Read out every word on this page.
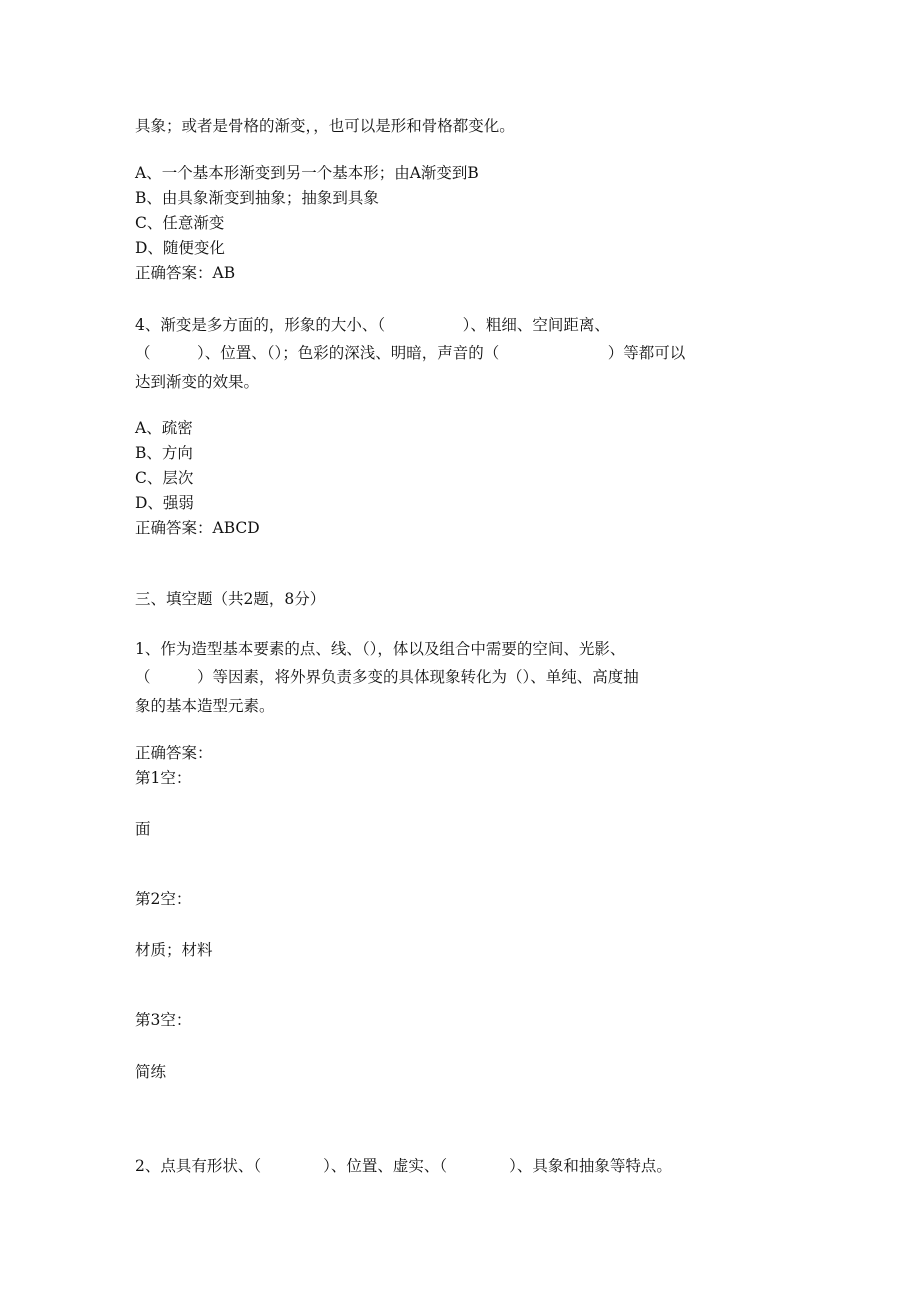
具象；或者是骨格的渐变，，也可以是形和骨格都变化。

A、一个基本形渐变到另一个基本形；由A渐变到B

B、由具象渐变到抽象；抽象到具象

C、任意渐变

D、随便变化

正确答案：AB

4、渐变是多方面的，形象的大小、（　　　　　）、粗细、空间距离、

（　　　）、位置、（）；色彩的深浅、明暗，声音的（　　　　　　　）等都可以

达到渐变的效果。

A、疏密

B、方向

C、层次

D、强弱

正确答案：ABCD

三、填空题（共2题，8分）

1、作为造型基本要素的点、线、（），体以及组合中需要的空间、光影、

（　　　）等因素，将外界负责多变的具体现象转化为（）、单纯、高度抽

象的基本造型元素。

正确答案：

第1空：

面

第2空：

材质；材料

第3空：

简练

2、点具有形状、（　　　　）、位置、虚实、（　　　　）、具象和抽象等特点。
